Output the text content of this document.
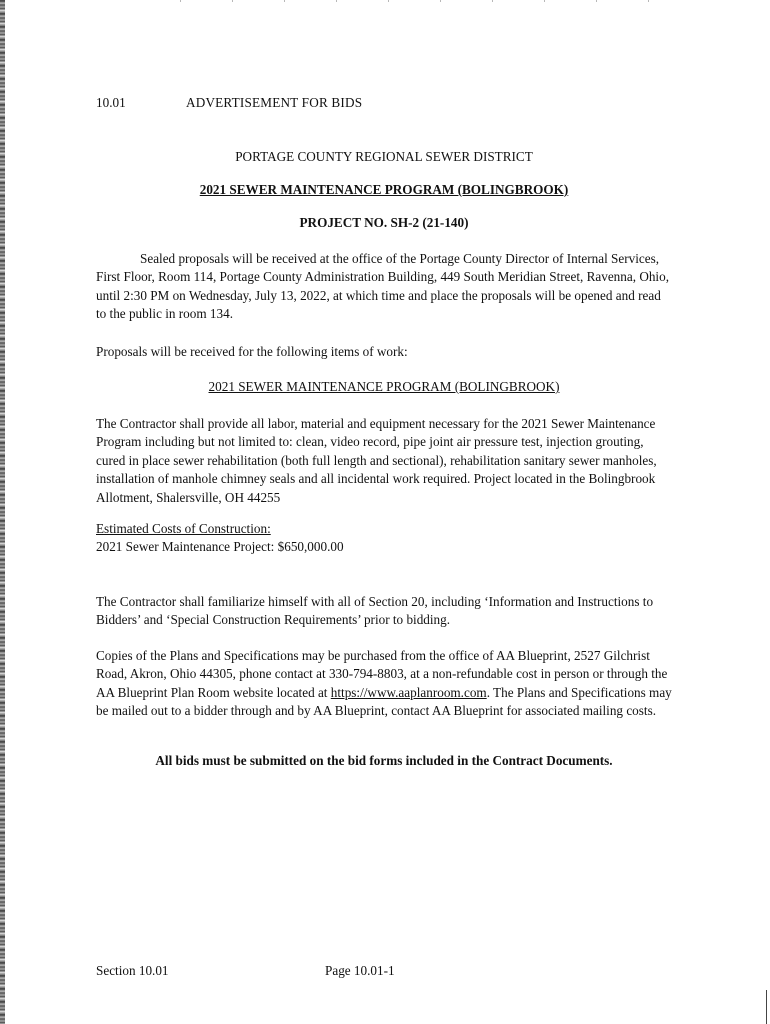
10.01	ADVERTISEMENT FOR BIDS
PORTAGE COUNTY REGIONAL SEWER DISTRICT
2021 SEWER MAINTENANCE PROGRAM (BOLINGBROOK)
PROJECT NO. SH-2 (21-140)

Sealed proposals will be received at the office of the Portage County Director of Internal Services, First Floor, Room 114, Portage County Administration Building, 449 South Meridian Street, Ravenna, Ohio, until 2:30 PM on Wednesday, July 13, 2022, at which time and place the proposals will be opened and read to the public in room 134.

Proposals will be received for the following items of work:

2021 SEWER MAINTENANCE PROGRAM (BOLINGBROOK)

The Contractor shall provide all labor, material and equipment necessary for the 2021 Sewer Maintenance Program including but not limited to: clean, video record, pipe joint air pressure test, injection grouting, cured in place sewer rehabilitation (both full length and sectional), rehabilitation sanitary sewer manholes, installation of manhole chimney seals and all incidental work required. Project located in the Bolingbrook Allotment, Shalersville, OH 44255

Estimated Costs of Construction:
2021 Sewer Maintenance Project: $650,000.00

The Contractor shall familiarize himself with all of Section 20, including ‘Information and Instructions to Bidders’ and ‘Special Construction Requirements’ prior to bidding.

Copies of the Plans and Specifications may be purchased from the office of AA Blueprint, 2527 Gilchrist Road, Akron, Ohio 44305, phone contact at 330-794-8803, at a non-refundable cost in person or through the AA Blueprint Plan Room website located at https://www.aaplanroom.com. The Plans and Specifications may be mailed out to a bidder through and by AA Blueprint, contact AA Blueprint for associated mailing costs.

All bids must be submitted on the bid forms included in the Contract Documents.
Section 10.01	Page 10.01-1
